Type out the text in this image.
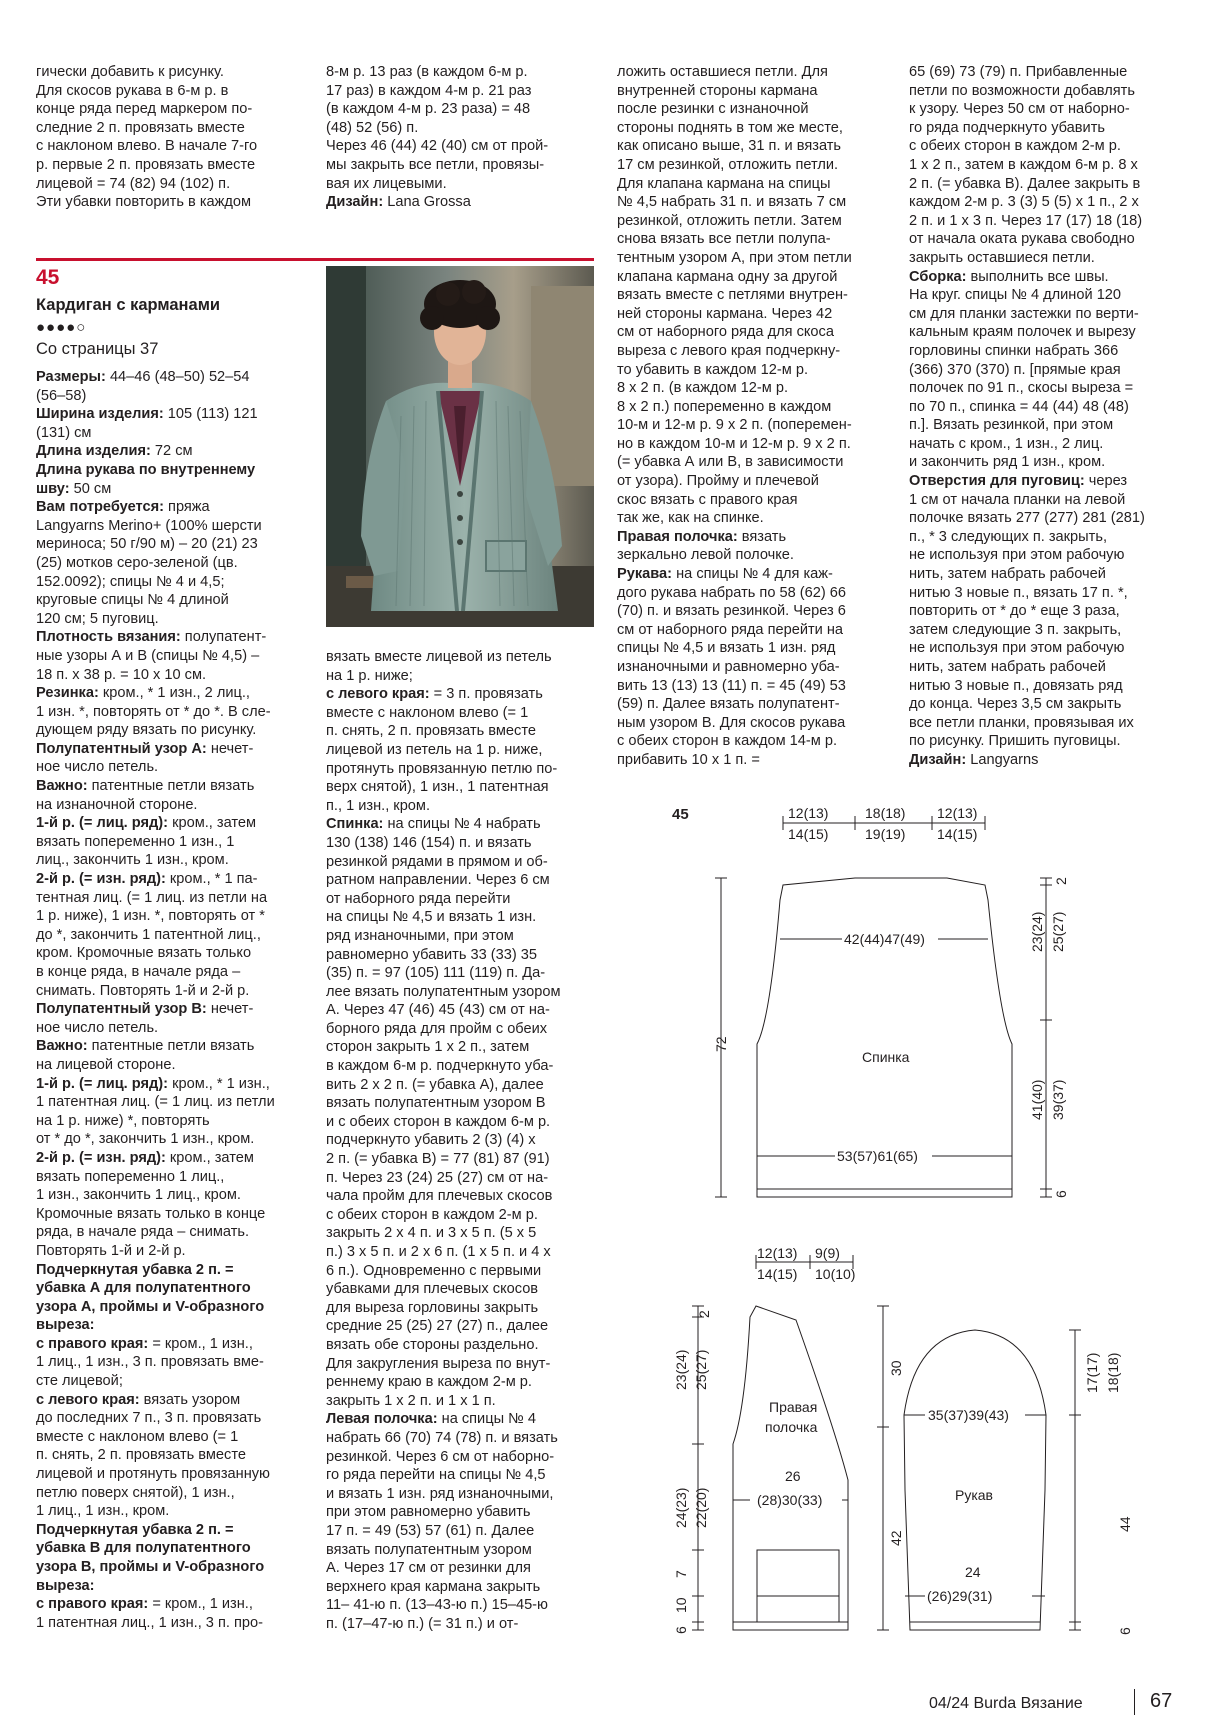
гически добавить к рисунку.

Для скосов рукава в 6-м р. в

конце ряда перед маркером по-

следние 2 п. провязать вместе

с наклоном влево. В начале 7-го

р. первые 2 п. провязать вместе

лицевой = 74 (82) 94 (102) п.

Эти убавки повторить в каждом

8-м р. 13 раз (в каждом 6-м р.

17 раз) в каждом 4-м р. 21 раз

(в каждом 4-м р. 23 раза) = 48

(48) 52 (56) п.

Через 46 (44) 42 (40) см от прой-

мы закрыть все петли, провязы-

вая их лицевыми.

Дизайн: Lana Grossa

45
Кардиган с карманами
●●●●○
Со страницы 37

Размеры: 44–46 (48–50) 52–54

(56–58)

Ширина изделия: 105 (113) 121

(131) см

Длина изделия: 72 см

Длина рукава по внутреннему

шву: 50 см

Вам потребуется: пряжа

Langyarns Merino+ (100% шерсти

мериноса; 50 г/90 м) – 20 (21) 23

(25) мотков серо-зеленой (цв.

152.0092); спицы № 4 и 4,5;

круговые спицы № 4 длиной

120 см; 5 пуговиц.

Плотность вязания: полупатент-

ные узоры А и В (спицы № 4,5) –

18 п. х 38 р. = 10 х 10 см.

Резинка: кром., * 1 изн., 2 лиц.,

1 изн. *, повторять от * до *. В сле-

дующем ряду вязать по рисунку.

Полупатентный узор А: нечет-

ное число петель.

Важно: патентные петли вязать

на изнаночной стороне.

1-й р. (= лиц. ряд): кром., затем

вязать попеременно 1 изн., 1

лиц., закончить 1 изн., кром.

2-й р. (= изн. ряд): кром., * 1 па-

тентная лиц. (= 1 лиц. из петли на

1 р. ниже), 1 изн. *, повторять от *

до *, закончить 1 патентной лиц.,

кром. Кромочные вязать только

в конце ряда, в начале ряда –

снимать. Повторять 1-й и 2-й р.

Полупатентный узор В: нечет-

ное число петель.

Важно: патентные петли вязать

на лицевой стороне.

1-й р. (= лиц. ряд): кром., * 1 изн.,

1 патентная лиц. (= 1 лиц. из петли

на 1 р. ниже) *, повторять

от * до *, закончить 1 изн., кром.

2-й р. (= изн. ряд): кром., затем

вязать попеременно 1 лиц.,

1 изн., закончить 1 лиц., кром.

Кромочные вязать только в конце

ряда, в начале ряда – снимать.

Повторять 1-й и 2-й р.

Подчеркнутая убавка 2 п. =

убавка А для полупатентного

узора А, проймы и V-образного

выреза:

с правого края: = кром., 1 изн.,

1 лиц., 1 изн., 3 п. провязать вме-

сте лицевой;

с левого края: вязать узором

до последних 7 п., 3 п. провязать

вместе с наклоном влево (= 1

п. снять, 2 п. провязать вместе

лицевой и протянуть провязанную

петлю поверх снятой), 1 изн.,

1 лиц., 1 изн., кром.

Подчеркнутая убавка 2 п. =

убавка В для полупатентного

узора В, проймы и V-образного

выреза:

с правого края: = кром., 1 изн.,

1 патентная лиц., 1 изн., 3 п. про-

вязать вместе лицевой из петель

на 1 р. ниже;

с левого края: = 3 п. провязать

вместе с наклоном влево (= 1

п. снять, 2 п. провязать вместе

лицевой из петель на 1 р. ниже,

протянуть провязанную петлю по-

верх снятой), 1 изн., 1 патентная

п., 1 изн., кром.

Спинка: на спицы № 4 набрать

130 (138) 146 (154) п. и вязать

резинкой рядами в прямом и об-

ратном направлении. Через 6 см

от наборного ряда перейти

на спицы № 4,5 и вязать 1 изн.

ряд изнаночными, при этом

равномерно убавить 33 (33) 35

(35) п. = 97 (105) 111 (119) п. Да-

лее вязать полупатентным узором

А. Через 47 (46) 45 (43) см от на-

борного ряда для пройм с обеих

сторон закрыть 1 х 2 п., затем

в каждом 6-м р. подчеркнуто уба-

вить 2 х 2 п. (= убавка А), далее

вязать полупатентным узором В

и с обеих сторон в каждом 6-м р.

подчеркнуто убавить 2 (3) (4) х

2 п. (= убавка В) = 77 (81) 87 (91)

п. Через 23 (24) 25 (27) см от на-

чала пройм для плечевых скосов

с обеих сторон в каждом 2-м р.

закрыть 2 х 4 п. и 3 х 5 п. (5 х 5

п.) 3 х 5 п. и 2 х 6 п. (1 х 5 п. и 4 х

6 п.). Одновременно с первыми

убавками для плечевых скосов

для выреза горловины закрыть

средние 25 (25) 27 (27) п., далее

вязать обе стороны раздельно.

Для закругления выреза по внут-

реннему краю в каждом 2-м р.

закрыть 1 х 2 п. и 1 х 1 п.

Левая полочка: на спицы № 4

набрать 66 (70) 74 (78) п. и вязать

резинкой. Через 6 см от наборно-

го ряда перейти на спицы № 4,5

и вязать 1 изн. ряд изнаночными,

при этом равномерно убавить

17 п. = 49 (53) 57 (61) п. Далее

вязать полупатентным узором

А. Через 17 см от резинки для

верхнего края кармана закрыть

11– 41-ю п. (13–43-ю п.) 15–45-ю

п. (17–47-ю п.) (= 31 п.) и от-

ложить оставшиеся петли. Для

внутренней стороны кармана

после резинки с изнаночной

стороны поднять в том же месте,

как описано выше, 31 п. и вязать

17 см резинкой, отложить петли.

Для клапана кармана на спицы

№ 4,5 набрать 31 п. и вязать 7 см

резинкой, отложить петли. Затем

снова вязать все петли полупа-

тентным узором А, при этом петли

клапана кармана одну за другой

вязать вместе с петлями внутрен-

ней стороны кармана. Через 42

см от наборного ряда для скоса

выреза с левого края подчеркну-

то убавить в каждом 12-м р.

8 х 2 п. (в каждом 12-м р.

8 х 2 п.) попеременно в каждом

10-м и 12-м р. 9 х 2 п. (поперемен-

но в каждом 10-м и 12-м р. 9 х 2 п.

(= убавка А или В, в зависимости

от узора). Пройму и плечевой

скос вязать с правого края

так же, как на спинке.

Правая полочка: вязать

зеркально левой полочке.

Рукава: на спицы № 4 для каж-

дого рукава набрать по 58 (62) 66

(70) п. и вязать резинкой. Через 6

см от наборного ряда перейти на

спицы № 4,5 и вязать 1 изн. ряд

изнаночными и равномерно уба-

вить 13 (13) 13 (11) п. = 45 (49) 53

(59) п. Далее вязать полупатент-

ным узором В. Для скосов рукава

с обеих сторон в каждом 14-м р.

прибавить 10 х 1 п. =

65 (69) 73 (79) п. Прибавленные

петли по возможности добавлять

к узору. Через 50 см от наборно-

го ряда подчеркнуто убавить

с обеих сторон в каждом 2-м р.

1 х 2 п., затем в каждом 6-м р. 8 х

2 п. (= убавка В). Далее закрыть в

каждом 2-м р. 3 (3) 5 (5) х 1 п., 2 х

2 п. и 1 х 3 п. Через 17 (17) 18 (18)

от начала оката рукава свободно

закрыть оставшиеся петли.

Сборка: выполнить все швы.

На круг. спицы № 4 длиной 120

см для планки застежки по верти-

кальным краям полочек и вырезу

горловины спинки набрать 366

(366) 370 (370) п. [прямые края

полочек по 91 п., скосы выреза =

по 70 п., спинка = 44 (44) 48 (48)

п.]. Вязать резинкой, при этом

начать с кром., 1 изн., 2 лиц.

и закончить ряд 1 изн., кром.

Отверстия для пуговиц: через

1 см от начала планки на левой

полочке вязать 277 (277) 281 (281)

п., * 3 следующих п. закрыть,

не используя при этом рабочую

нить, затем набрать рабочей

нитью 3 новые п., вязать 17 п. *,

повторить от * до * еще 3 раза,

затем следующие 3 п. закрыть,

не используя при этом рабочую

нить, затем набрать рабочей

нитью 3 новые п., довязать ряд

до конца. Через 3,5 см закрыть

все петли планки, провязывая их

по рисунку. Пришить пуговицы.

Дизайн: Langyarns

45	12(13)
14(15)
18(18)
19(19)
12(13)
14(15)
42(44)47(49)
Спинка
53(57)61(65)
72
2
23(24) 25(27)
41(40) 39(37)
6
12(13)
14(15)
9(9)
10(10)
Правая
полочка
26
(28)30(33)
2
23(24) 25(27)
24(23) 22(20)
7
10
6
30
42
35(37)39(43)
Рукав
24
(26)29(31)
17(17) 18(18)
44
6
04/24 Burda Вязание	67
